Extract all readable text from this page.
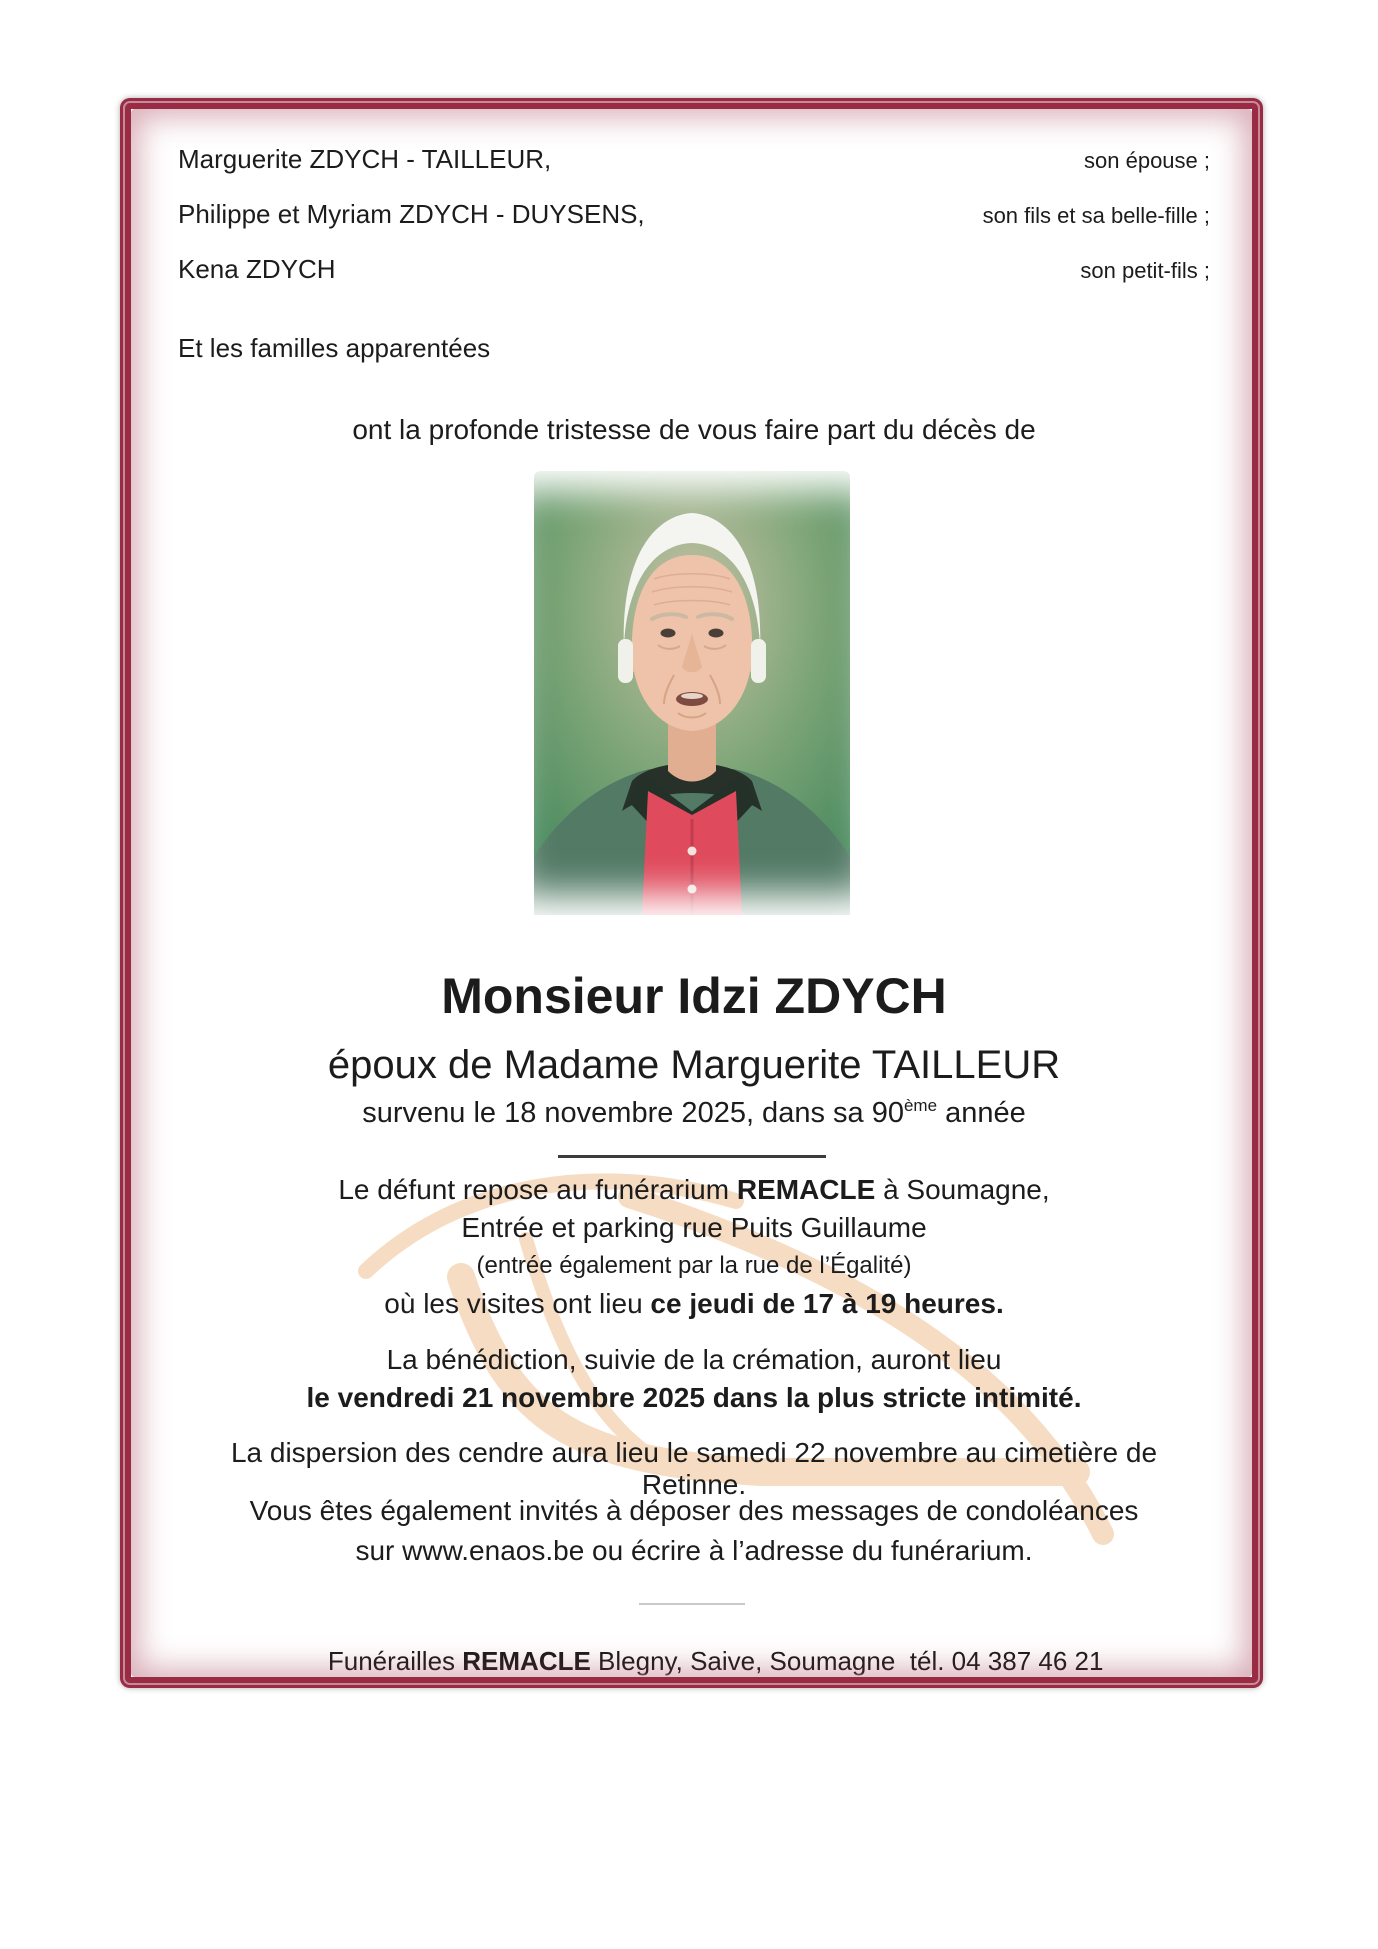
Marguerite ZDYCH - TAILLEUR,	son épouse ;
Philippe et Myriam ZDYCH - DUYSENS,	son fils et sa belle-fille ;
Kena ZDYCH	son petit-fils ;
Et les familles apparentées
ont la profonde tristesse de vous faire part du décès de
Monsieur Idzi ZDYCH
époux de Madame Marguerite TAILLEUR
survenu le 18 novembre 2025, dans sa 90ème année
Le défunt repose au funérarium REMACLE à Soumagne,
Entrée et parking rue Puits Guillaume
(entrée également par la rue de l’Égalité)
où les visites ont lieu ce jeudi de 17 à 19 heures.
La bénédiction, suivie de la crémation, auront lieu
le vendredi 21 novembre 2025 dans la plus stricte intimité.
La dispersion des cendre aura lieu le samedi 22 novembre au cimetière de Retinne.
Vous êtes également invités à déposer des messages de condoléances
sur www.enaos.be ou écrire à l’adresse du funérarium.

Funérailles REMACLE Blegny, Saive, Soumagne  tél. 04 387 46 21
